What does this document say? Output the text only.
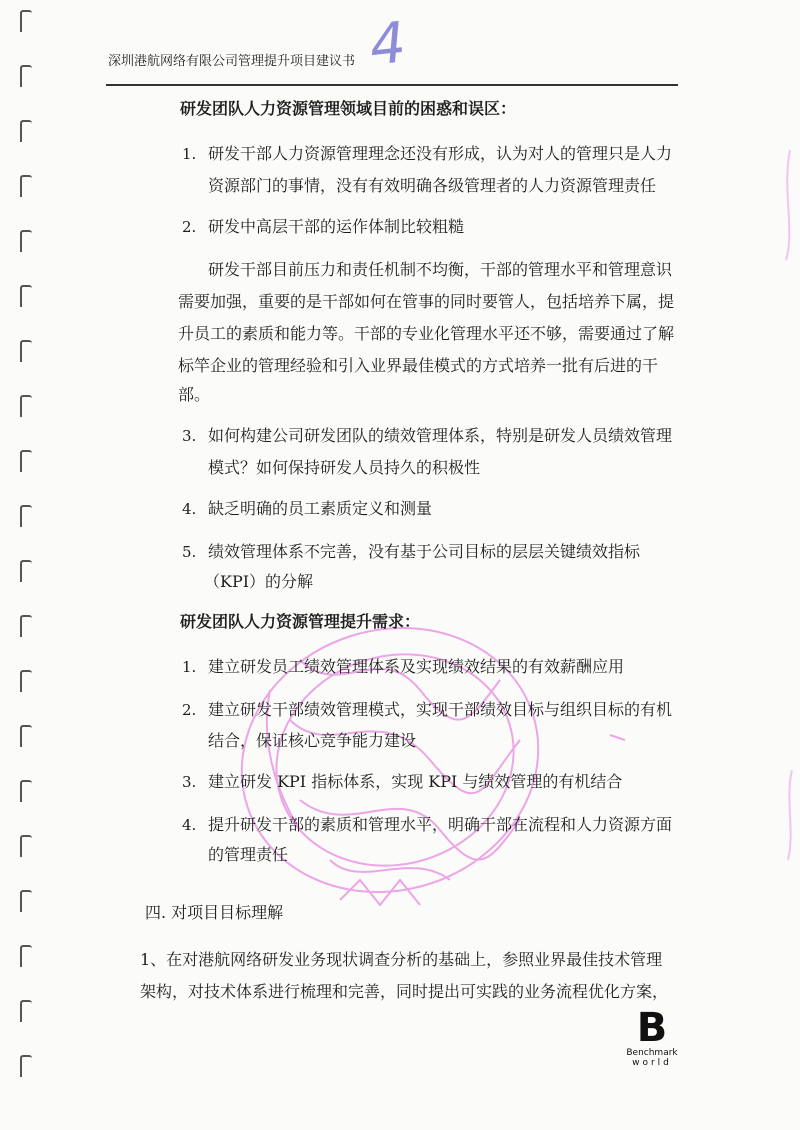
4
深圳港航网络有限公司管理提升项目建议书
研发团队人力资源管理领域目前的困惑和误区：
1. 研发干部人力资源管理理念还没有形成，认为对人的管理只是人力
资源部门的事情，没有有效明确各级管理者的人力资源管理责任
2. 研发中高层干部的运作体制比较粗糙
研发干部目前压力和责任机制不均衡，干部的管理水平和管理意识
需要加强，重要的是干部如何在管事的同时要管人，包括培养下属，提
升员工的素质和能力等。干部的专业化管理水平还不够，需要通过了解
标竿企业的管理经验和引入业界最佳模式的方式培养一批有后进的干
部。
3. 如何构建公司研发团队的绩效管理体系，特别是研发人员绩效管理
模式？如何保持研发人员持久的积极性
4. 缺乏明确的员工素质定义和测量
5. 绩效管理体系不完善，没有基于公司目标的层层关键绩效指标
（KPI）的分解
研发团队人力资源管理提升需求：
1. 建立研发员工绩效管理体系及实现绩效结果的有效薪酬应用
2. 建立研发干部绩效管理模式，实现干部绩效目标与组织目标的有机
结合，保证核心竞争能力建设
3. 建立研发 KPI 指标体系，实现 KPI 与绩效管理的有机结合
4. 提升研发干部的素质和管理水平，明确干部在流程和人力资源方面
的管理责任
四. 对项目目标理解
1、在对港航网络研发业务现状调查分析的基础上，参照业界最佳技术管理
架构，对技术体系进行梳理和完善，同时提出可实践的业务流程优化方案，
B
Benchmark
world
